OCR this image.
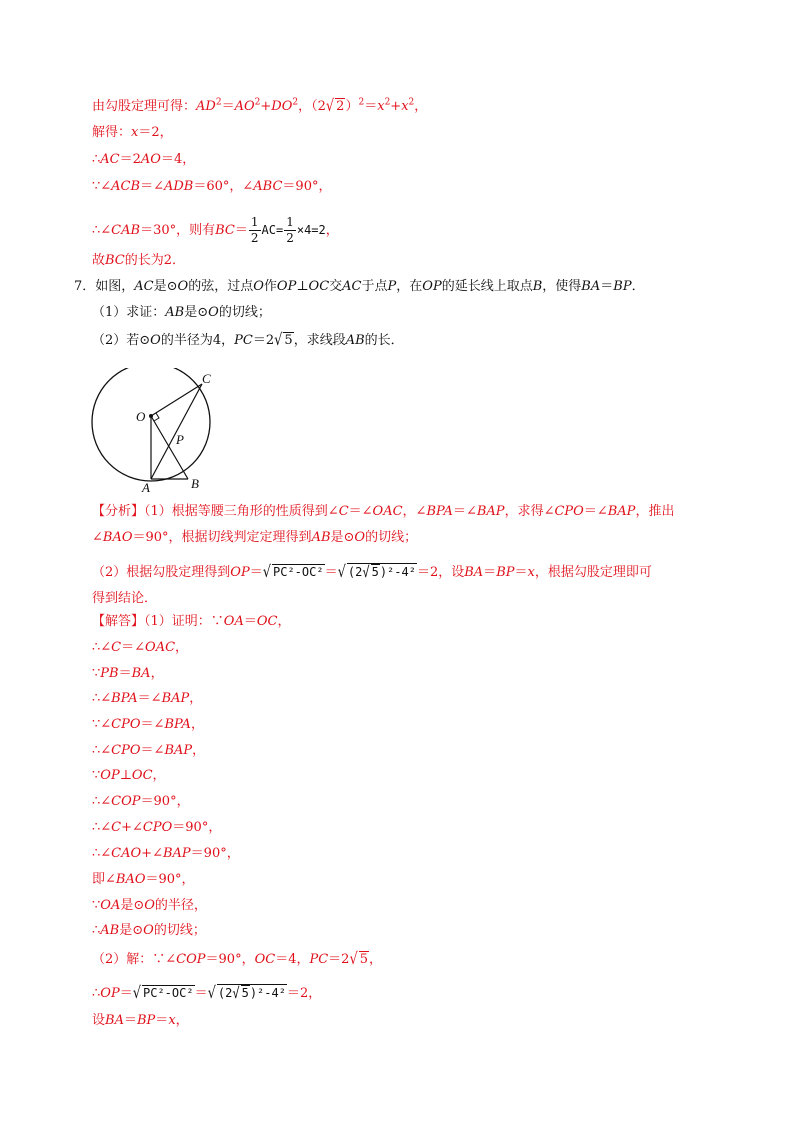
由勾股定理可得：$AD^2=AO^2+DO^2$，（2√ $2)^2=x^2+x^2$，
解得：x＝2，
∴AC＝2AO＝4，
∵∠ACB＝∠ADB＝60°，∠ABC＝90°，
∴∠CAB＝30°，则有$BC= \frac{1}{2} AC= \frac{1}{2} \times 4=2$，
故BC的长为2．
7．如图，AC是⊙O的弦，过点O作OP⊥OC交AC于点P，在OP的延长线上取点B，使得BA＝BP．
（1）求证：AB是⊙O的切线；
（2）若⊙O的半径为4，PC＝2√ 5，求线段AB的长．
O
C
P
A	B
【分析】（1）根据等腰三角形的性质得到∠C＝∠OAC，∠BPA＝∠BAP，求得∠CPO＝∠BAP，推出
∠BAO＝90°，根据切线判定定理得到AB是⊙O的切线；
（2）根据勾股定理得到OP＝√ PC²-OC²＝√ (2√ 5)²-4²＝2，设BA＝BP＝x，根据勾股定理即可
得到结论．
【解答】（1）证明：∵OA＝OC，
∴∠C＝∠OAC，
∵PB＝BA，
∴∠BPA＝∠BAP，
∵∠CPO＝∠BPA，
∴∠CPO＝∠BAP，
∵OP⊥OC，
∴∠COP＝90°，
∴∠C+∠CPO＝90°，
∴∠CAO+∠BAP＝90°，
即∠BAO＝90°，
∵OA是⊙O的半径，
∴AB是⊙O的切线；
（2）解：∵∠COP＝90°，OC＝4，PC＝2√ 5，
∴OP＝√ PC²-OC²＝√ (2√ 5)²-4²＝2，
设BA＝BP＝x，
